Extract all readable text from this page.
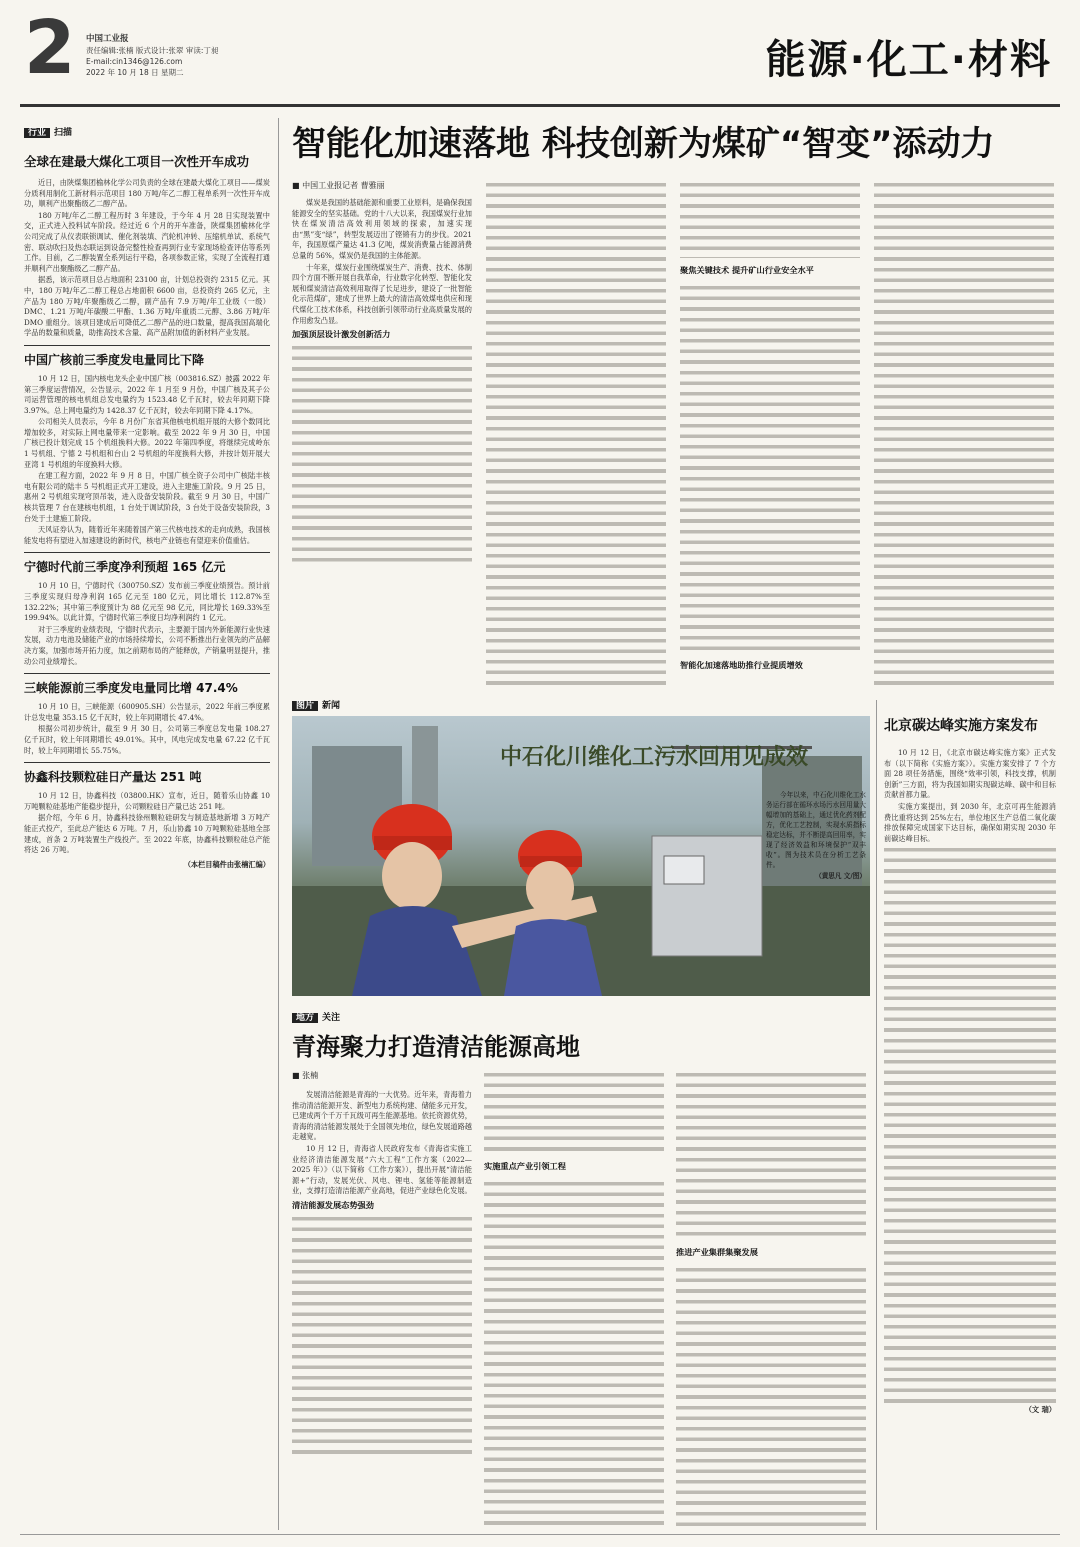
2 中国工业报
责任编辑:张楠 版式设计:张翠 审读:丁昶
E-mail:cin1346@126.com
2022 年 10 月 18 日 星期二	能源·化工·材料
行业 扫描
全球在建最大煤化工项目一次性开车成功

近日，由陕煤集团榆林化学公司负责的全球在建最大煤化工项目——煤炭分质利用制化工新材料示范项目 180 万吨/年乙二醇工程单系列一次性开车成功，顺利产出聚酯级乙二醇产品。

180 万吨/年乙二醇工程历时 3 年建设，于今年 4 月 28 日实现装置中交，正式进入投料试车阶段。经过近 6 个月的开车准备，陕煤集团榆林化学公司完成了从仪表联锁调试、催化剂装填、汽轮机冲转、压缩机单试、系统气密、联动吹扫及热态联运到设备完整性检查再到行业专家现场检查评估等系列工作。目前，乙二醇装置全系列运行平稳，各项参数正常，实现了全流程打通并顺利产出聚酯级乙二醇产品。

据悉，该示范项目总占地面积 23100 亩，计划总投资约 2315 亿元。其中，180 万吨/年乙二醇工程总占地面积 6600 亩，总投资约 265 亿元，主产品为 180 万吨/年聚酯级乙二醇，副产品有 7.9 万吨/年工业级（一级）DMC、1.21 万吨/年碳酸二甲酯、1.36 万吨/年重质二元醇、3.86 万吨/年 DMO 重组分。该项目建成后可降低乙二醇产品的进口数量，提高我国高端化学品的数量和质量，助推高技术含量、高产品附加值的新材料产业发展。

中国广核前三季度发电量同比下降

10 月 12 日，国内核电龙头企业中国广核（003816.SZ）披露 2022 年第三季度运营情况，公告显示，2022 年 1 月至 9 月份，中国广核及其子公司运营管理的核电机组总发电量约为 1523.48 亿千瓦时，较去年同期下降 3.97%。总上网电量约为 1428.37 亿千瓦时，较去年同期下降 4.17%。

公司相关人员表示，今年 8 月份广东省其他核电机组开展的大修个数同比增加较多，对实际上网电量带来一定影响。截至 2022 年 9 月 30 日，中国广核已投计划完成 15 个机组换料大修。2022 年第四季度，将继续完成岭东 1 号机组、宁德 2 号机组和台山 2 号机组的年度换料大修，并按计划开展大亚湾 1 号机组的年度换料大修。

在建工程方面，2022 年 9 月 8 日，中国广核全资子公司中广核陆丰核电有限公司的陆丰 5 号机组正式开工建设，进入主建施工阶段。9 月 25 日，惠州 2 号机组实现穹顶吊装，进入设备安装阶段。截至 9 月 30 日，中国广核共管理 7 台在建核电机组，1 台处于调试阶段，3 台处于设备安装阶段，3 台处于土建施工阶段。

天风证券认为，随着近年来随着国产第三代核电技术的走向成熟，我国核能发电将有望进入加速建设的新时代，核电产业链也有望迎来价值重估。

宁德时代前三季度净利预超 165 亿元

10 月 10 日，宁德时代（300750.SZ）发布前三季度业绩预告。预计前三季度实现归母净利润 165 亿元至 180 亿元，同比增长 112.87%至 132.22%；其中第三季度预计为 88 亿元至 98 亿元，同比增长 169.33%至 199.94%。以此计算，宁德时代第三季度日均净利润约 1 亿元。

对于三季度的业绩表现，宁德时代表示，主要源于国内外新能源行业快速发展，动力电池及储能产业的市场持续增长，公司不断推出行业领先的产品解决方案，加强市场开拓力度，加之前期布局的产能释放，产销量明显提升，推动公司业绩增长。

三峡能源前三季度发电量同比增 47.4%

10 月 10 日，三峡能源（600905.SH）公告显示，2022 年前三季度累计总发电量 353.15 亿千瓦时，较上年同期增长 47.4%。

根据公司初步统计，截至 9 月 30 日，公司第三季度总发电量 108.27 亿千瓦时，较上年同期增长 49.01%。其中，风电完成发电量 67.22 亿千瓦时，较上年同期增长 55.75%。

协鑫科技颗粒硅日产量达 251 吨

10 月 12 日，协鑫科技（03800.HK）宣布，近日，随着乐山协鑫 10 万吨颗粒硅基地产能稳步提升，公司颗粒硅日产量已达 251 吨。

据介绍，今年 6 月，协鑫科技徐州颗粒硅研发与制造基地新增 3 万吨产能正式投产，至此总产能达 6 万吨。7 月，乐山协鑫 10 万吨颗粒硅基地全部建成，首条 2 万吨装置生产线投产。至 2022 年底，协鑫科技颗粒硅总产能将达 26 万吨。

（本栏目稿件由张楠汇编）
智能化加速落地 科技创新为煤矿“智变”添动力
■ 中国工业报记者 曹雅丽

煤炭是我国的基础能源和重要工业原料，是确保我国能源安全的坚实基础。党的十八大以来，我国煤炭行业加快在煤炭清洁高效利用领域的探索，加速实现由“黑”变“绿”，转型发展迈出了铿锵有力的步伐。2021 年，我国原煤产量达 41.3 亿吨，煤炭消费量占能源消费总量的 56%，煤炭仍是我国的主体能源。

十年来，煤炭行业围绕煤炭生产、消费、技术、体制四个方面不断开展自我革命，行业数字化转型、智能化发展和煤炭清洁高效利用取得了长足进步，建设了一批智能化示范煤矿，建成了世界上最大的清洁高效煤电供应和现代煤化工技术体系，科技创新引领带动行业高质量发展的作用愈发凸显。

加强顶层设计激发创新活力

聚焦关键技术 提升矿山行业安全水平
智能化加速落地助推行业提质增效
图片 新闻
中石化川维化工污水回用见成效

今年以来，中石化川维化工水务运行部在循环水场污水回用量大幅增加的基础上，通过优化药剂配方，优化工艺控制，实现水质指标稳定达标，并不断提高回用率，实现了经济效益和环境保护“双丰收”。图为技术员在分析工艺条件。

（黄思凡 文/图）
地方 关注
青海聚力打造清洁能源高地
■ 张楠

发展清洁能源是青海的一大优势。近年来，青海着力推动清洁能源开发、新型电力系统构建、储能多元开发，已建成两个千万千瓦级可再生能源基地。依托资源优势，青海的清洁能源发展处于全国领先地位，绿色发展道路越走越宽。

10 月 12 日，青海省人民政府发布《青海省实施工业经济清洁能源发展“六大工程”工作方案（2022—2025 年）》（以下简称《工作方案》），提出开展“清洁能源+”行动，发展光伏、风电、锂电、氢能等能源制造业，支撑打造清洁能源产业高地，促进产业绿色化发展。

清洁能源发展态势强劲
实施重点产业引领工程
推进产业集群集聚发展
北京碳达峰实施方案发布

10 月 12 日，《北京市碳达峰实施方案》正式发布（以下简称《实施方案》）。实施方案安排了 7 个方面 28 项任务措施，围绕“效率引领，科技支撑，机制创新”三方面，将为我国如期实现碳达峰、碳中和目标贡献首都力量。

实施方案提出，到 2030 年，北京可再生能源消费比重将达到 25%左右，单位地区生产总值二氧化碳排放保障完成国家下达目标，确保如期实现 2030 年前碳达峰目标。

（文 瑞）
